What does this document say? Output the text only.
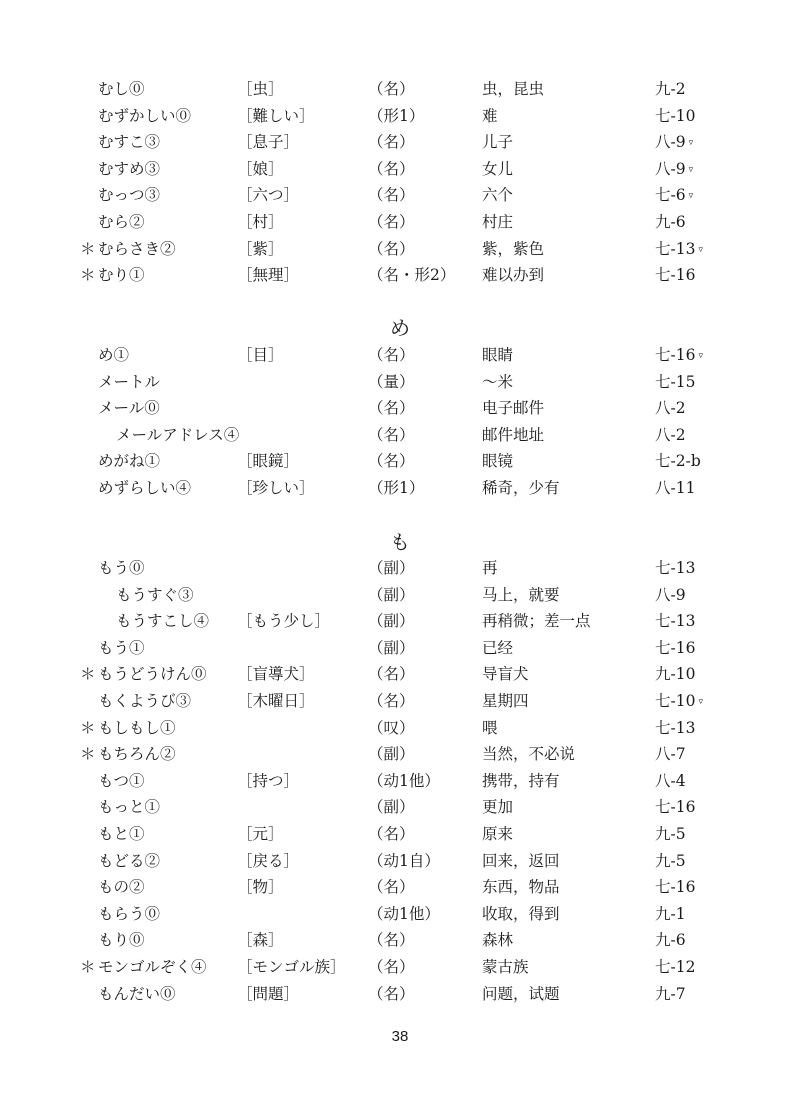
むし⓪	［虫］	（名）	虫，昆虫	九-2
むずかしい⓪	［難しい］	（形1）	难	七-10
むすこ③	［息子］	（名）	儿子	八-9 ▿
むすめ③	［娘］	（名）	女儿	八-9 ▿
むっつ③	［六つ］	（名）	六个	七-6 ▿
むら②	［村］	（名）	村庄	九-6
＊ むらさき②	［紫］	（名）	紫，紫色	七-13 ▿
＊ むり①	［無理］	（名・形2） 难以办到	七-16
め
め①	［目］	（名）	眼睛	七-16 ▿
メートル	（量）	～米	七-15
メール⓪	（名）	电子邮件	八-2
メールアドレス④	（名）	邮件地址	八-2
めがね①	［眼鏡］	（名）	眼镜	七-2-b
めずらしい④	［珍しい］	（形1）	稀奇，少有	八-11
も
もう⓪	（副）	再	七-13
もうすぐ③	（副）	马上，就要	八-9
もうすこし④ ［もう少し］ （副）	再稍微；差一点	七-13
もう①	（副）	已经	七-16
＊ もうどうけん⓪ ［盲導犬］	（名）	导盲犬	九-10
もくようび③	［木曜日］	（名）	星期四	七-10 ▿
＊ もしもし①	（叹）	喂	七-13
＊ もちろん②	（副）	当然，不必说	八-7
もつ①	［持つ］	（动1他）	携带，持有	八-4
もっと①	（副）	更加	七-16
もと①	［元］	（名）	原来	九-5
もどる②	［戻る］	（动1自）	回来，返回	九-5
もの②	［物］	（名）	东西，物品	七-16
もらう⓪	（动1他）	收取，得到	九-1
もり⓪	［森］	（名）	森林	九-6
＊ モンゴルぞく④ ［モンゴル族］ （名）	蒙古族	七-12
もんだい⓪	［問題］	（名）	问题，试题	九-7
38
